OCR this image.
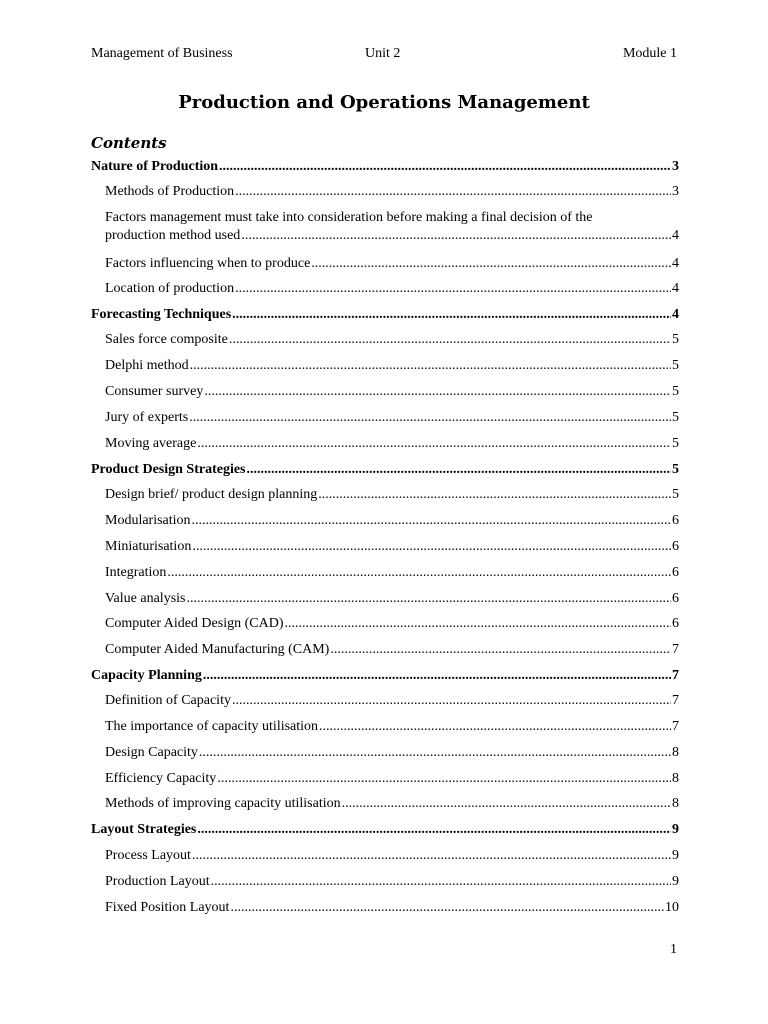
Management of Business	Unit 2	Module 1
Production and Operations Management
Contents
Nature of Production .....	3
Methods of Production .....	3
Factors management must take into consideration before making a final decision of the
production method used .....	4
Factors influencing when to produce .....	4
Location of production .....	4
Forecasting Techniques .....	4
Sales force composite .....	5
Delphi method .....	5
Consumer survey .....	5
Jury of experts .....	5
Moving average .....	5
Product Design Strategies .....	5
Design brief/ product design planning .....	5
Modularisation .....	6
Miniaturisation .....	6
Integration .....	6
Value analysis .....	6
Computer Aided Design (CAD) .....	6
Computer Aided Manufacturing (CAM) .....	7
Capacity Planning .....	7
Definition of Capacity .....	7
The importance of capacity utilisation .....	7
Design Capacity .....	8
Efficiency Capacity .....	8
Methods of improving capacity utilisation .....	8
Layout Strategies .....	9
Process Layout .....	9
Production Layout .....	9
Fixed Position Layout .....	10
1
